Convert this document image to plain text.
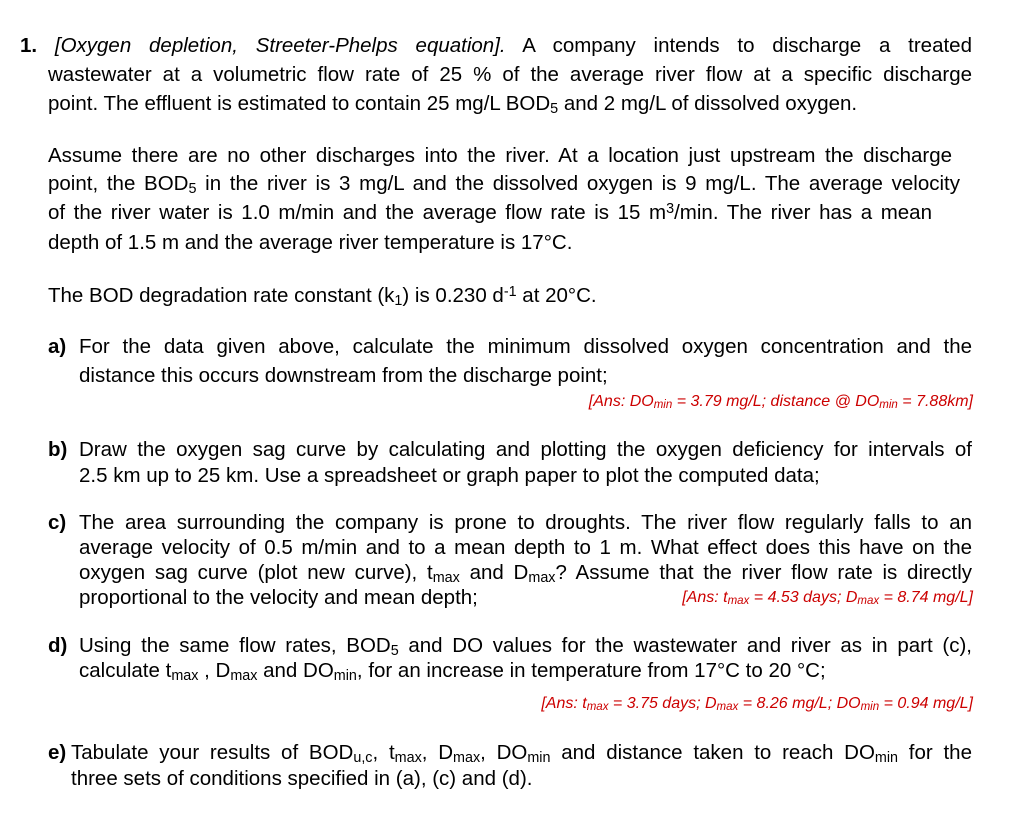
1. [Oxygen depletion, Streeter-Phelps equation]. A company intends to discharge a treated
wastewater at a volumetric flow rate of 25 % of the average river flow at a specific discharge
point. The effluent is estimated to contain 25 mg/L BOD5 and 2 mg/L of dissolved oxygen.
Assume there are no other discharges into the river. At a location just upstream the discharge
point, the BOD5 in the river is 3 mg/L and the dissolved oxygen is 9 mg/L. The average velocity
of the river water is 1.0 m/min and the average flow rate is 15 $m^3/\min$. The river has a mean
depth of 1.5 m and the average river temperature is 17°C.
The BOD degradation rate constant (k1) is 0.230 $d^{-1}$ at 20°C.
a) For the data given above, calculate the minimum dissolved oxygen concentration and the
distance this occurs downstream from the discharge point;
[Ans: DOmin = 3.79 mg/L; distance @ DOmin = 7.88km]
b) Draw the oxygen sag curve by calculating and plotting the oxygen deficiency for intervals of
2.5 km up to 25 km. Use a spreadsheet or graph paper to plot the computed data;
c) The area surrounding the company is prone to droughts. The river flow regularly falls to an
average velocity of 0.5 m/min and to a mean depth to 1 m. What effect does this have on the
oxygen sag curve (plot new curve), tmax and Dmax? Assume that the river flow rate is directly
proportional to the velocity and mean depth;	[Ans: tmax = 4.53 days; Dmax = 8.74 mg/L]
d) Using the same flow rates, BOD5 and DO values for the wastewater and river as in part (c),
calculate tmax , Dmax and DOmin, for an increase in temperature from 17°C to 20 °C;
[Ans: tmax = 3.75 days; Dmax = 8.26 mg/L; DOmin = 0.94 mg/L]
e) Tabulate your results of BODu,c, tmax, Dmax, DOmin and distance taken to reach DOmin for the
three sets of conditions specified in (a), (c) and (d).
